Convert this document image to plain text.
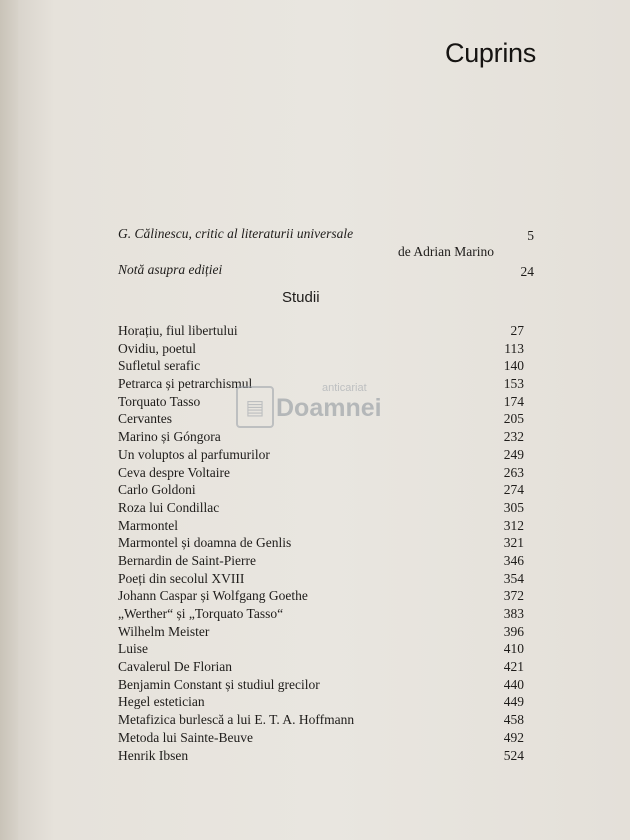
Cuprins
G. Călinescu, critic al literaturii universale	5
de Adrian Marino
Notă asupra ediției	24
Studii
Horațiu, fiul libertului	27
Ovidiu, poetul	113
Sufletul serafic	140
Petrarca și petrarchismul	153
Torquato Tasso	174
Cervantes	205
Marino și Góngora	232
Un voluptos al parfumurilor	249
Ceva despre Voltaire	263
Carlo Goldoni	274
Roza lui Condillac	305
Marmontel	312
Marmontel și doamna de Genlis	321
Bernardin de Saint-Pierre	346
Poeți din secolul XVIII	354
Johann Caspar și Wolfgang Goethe	372
„Werther“ și „Torquato Tasso“	383
Wilhelm Meister	396
Luise	410
Cavalerul De Florian	421
Benjamin Constant și studiul grecilor	440
Hegel estetician	449
Metafizica burlescă a lui E. T. A. Hoffmann	458
Metoda lui Sainte-Beuve	492
Henrik Ibsen	524
▤
anticariat
Doamnei
